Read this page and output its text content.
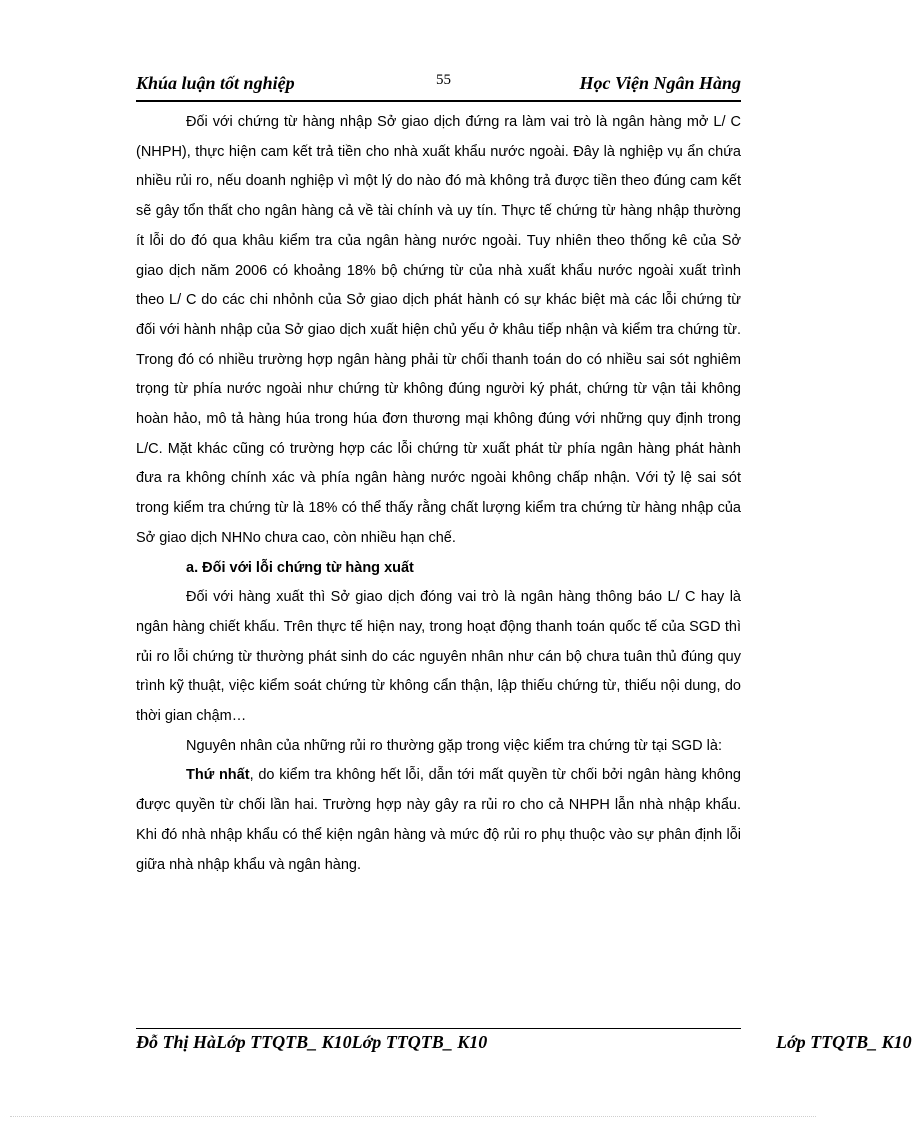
Khúa luận tốt nghiệp	55	Học Viện Ngân Hàng

Đối với chứng từ hàng nhập Sở giao dịch đứng ra làm vai trò là ngân hàng mở L/ C (NHPH), thực hiện cam kết trả tiền cho nhà xuất khẩu nước ngoài. Đây là nghiệp vụ ẩn chứa nhiều rủi ro, nếu doanh nghiệp vì một lý do nào đó mà không trả được tiền theo đúng cam kết sẽ gây tổn thất cho ngân hàng cả về tài chính và uy tín. Thực tế chứng từ hàng nhập thường ít lỗi do đó qua khâu kiểm tra của ngân hàng nước ngoài. Tuy nhiên theo thống kê của Sở giao dịch năm 2006 có khoảng 18% bộ chứng từ của nhà xuất khẩu nước ngoài xuất trình theo L/ C do các chi nhỏnh của Sở giao dịch phát hành có sự khác biệt mà các lỗi chứng từ đối với hành nhập của Sở giao dịch xuất hiện chủ yếu ở khâu tiếp nhận và kiểm tra chứng từ. Trong đó có nhiều trường hợp ngân hàng phải từ chối thanh toán do có nhiều sai sót nghiêm trọng từ phía nước ngoài như chứng từ không đúng người ký phát, chứng từ vận tải không hoàn hảo, mô tả hàng húa trong húa đơn thương mại không đúng với những quy định trong L/C. Mặt khác cũng có trường hợp các lỗi chứng từ xuất phát từ phía ngân hàng phát hành đưa ra không chính xác và phía ngân hàng nước ngoài không chấp nhận. Với tỷ lệ sai sót trong kiểm tra chứng từ là 18% có thể thấy rằng chất lượng kiểm tra chứng từ hàng nhập của Sở giao dịch NHNo chưa cao, còn nhiều hạn chế.

a. Đối với lỗi chứng từ hàng xuất

Đối với hàng xuất thì Sở giao dịch đóng vai trò là ngân hàng thông báo L/ C hay là ngân hàng chiết khấu. Trên thực tế hiện nay, trong hoạt động thanh toán quốc tế của SGD thì rủi ro lỗi chứng từ thường phát sinh do các nguyên nhân như cán bộ chưa tuân thủ đúng quy trình kỹ thuật, việc kiểm soát chứng từ không cẩn thận, lập thiếu chứng từ, thiếu nội dung, do thời gian chậm…

Nguyên nhân của những rủi ro thường gặp trong việc kiểm tra chứng từ tại SGD là:

Thứ nhất, do kiểm tra không hết lỗi, dẫn tới mất quyền từ chối bởi ngân hàng không được quyền từ chối lần hai. Trường hợp này gây ra rủi ro cho cả NHPH lẫn nhà nhập khẩu. Khi đó nhà nhập khẩu có thể kiện ngân hàng và mức độ rủi ro phụ thuộc vào sự phân định lỗi giữa nhà nhập khẩu và ngân hàng.

Đỗ Thị HàLớp TTQTB_ K10Lớp TTQTB_ K10	Lớp TTQTB_ K10
